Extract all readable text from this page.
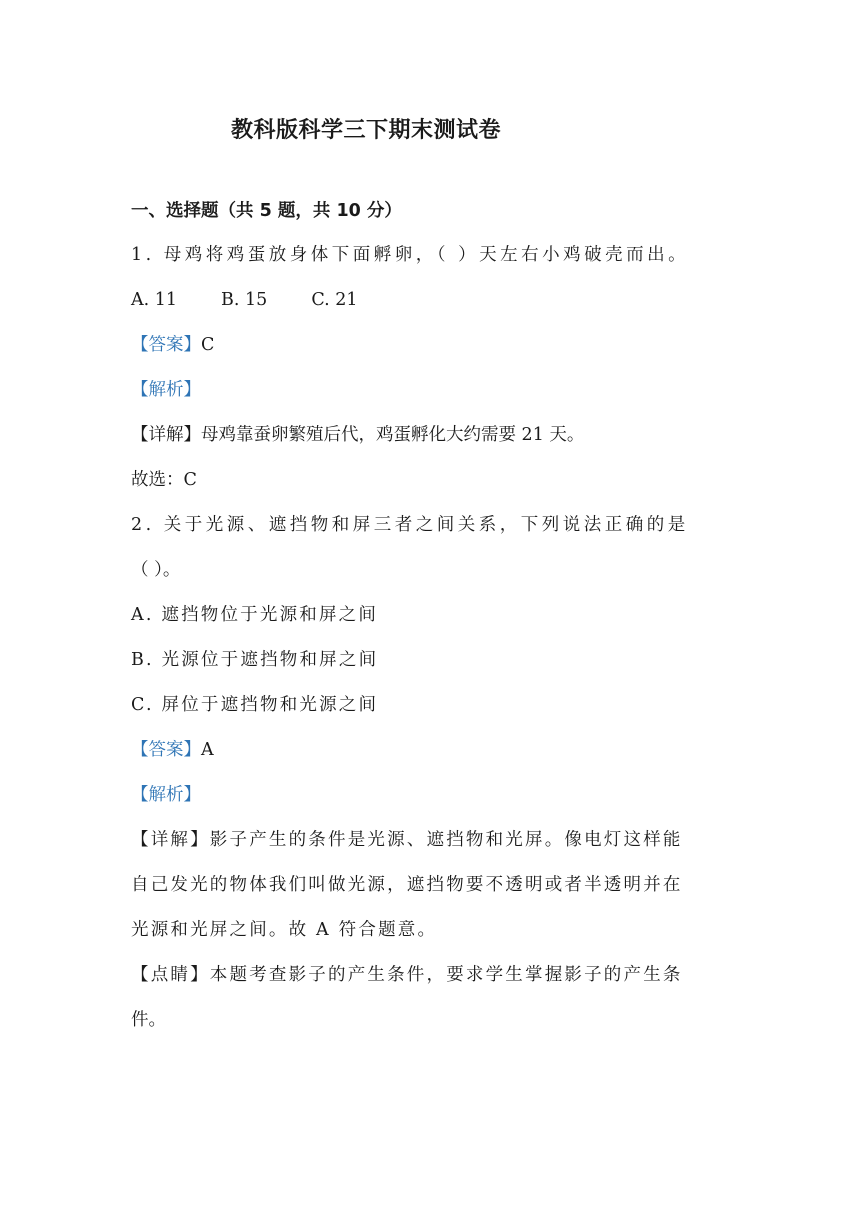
教科版科学三下期末测试卷
一、选择题（共 5 题，共 10 分）
1. 母鸡将鸡蛋放身体下面孵卵，（ ）天左右小鸡破壳而出。
A. 11	B. 15	C. 21
【答案】C
【解析】
【详解】母鸡靠蚕卵繁殖后代，鸡蛋孵化大约需要 21 天。
故选：C
2. 关于光源、遮挡物和屏三者之间关系，下列说法正确的是
（ ）。
A. 遮挡物位于光源和屏之间
B. 光源位于遮挡物和屏之间
C. 屏位于遮挡物和光源之间
【答案】A
【解析】
【详解】影子产生的条件是光源、遮挡物和光屏。像电灯这样能
自己发光的物体我们叫做光源，遮挡物要不透明或者半透明并在
光源和光屏之间。故 A 符合题意。
【点睛】本题考查影子的产生条件，要求学生掌握影子的产生条
件。
